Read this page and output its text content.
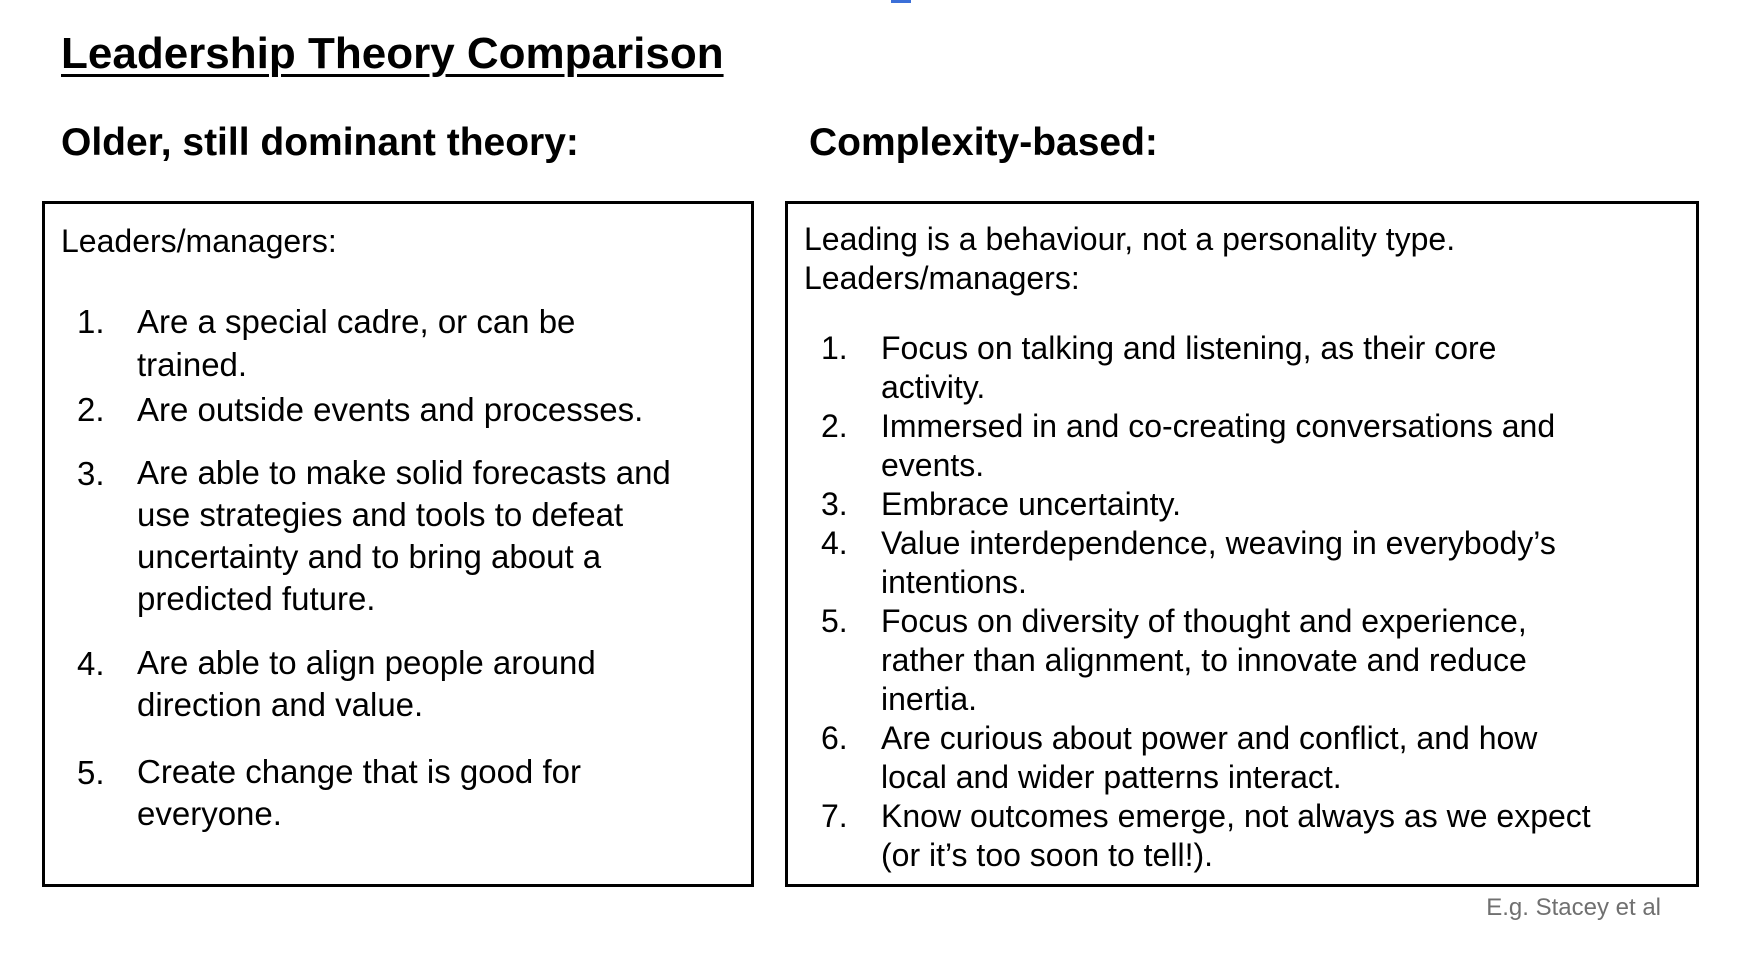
Leadership Theory Comparison
Older, still dominant theory:	Complexity-based:

Leaders/managers:

1. Are a special cadre, or can be
trained.
2. Are outside events and processes.
3. Are able to make solid forecasts and
use strategies and tools to defeat
uncertainty and to bring about a
predicted future.
4. Are able to align people around
direction and value.
5. Create change that is good for
everyone.

Leading is a behaviour, not a personality type.
Leaders/managers:

1. Focus on talking and listening, as their core
activity.
2. Immersed in and co-creating conversations and
events.
3. Embrace uncertainty.
4. Value interdependence, weaving in everybody’s
intentions.
5. Focus on diversity of thought and experience,
rather than alignment, to innovate and reduce
inertia.
6. Are curious about power and conflict, and how
local and wider patterns interact.
7. Know outcomes emerge, not always as we expect
(or it’s too soon to tell!).

E.g. Stacey et al
